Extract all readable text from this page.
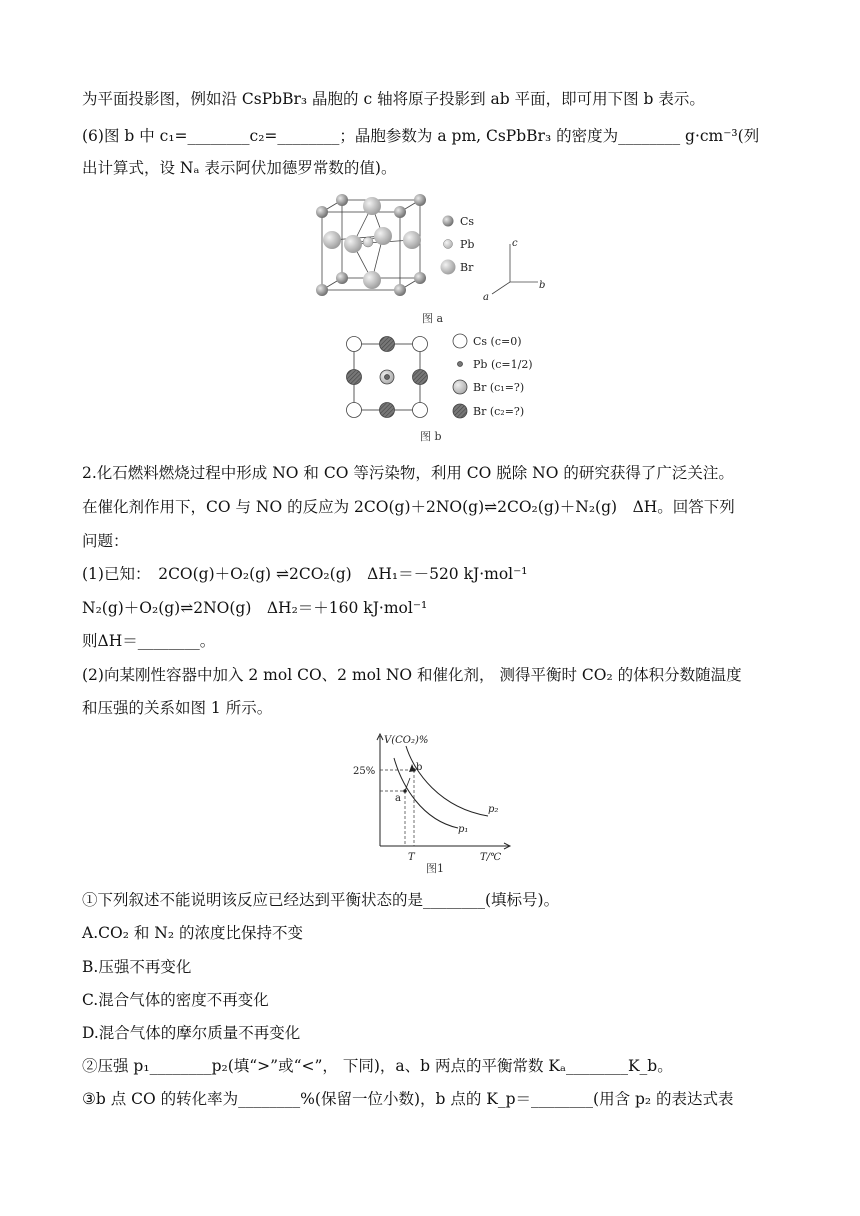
为平面投影图，例如沿 CsPbBr₃ 晶胞的 c 轴将原子投影到 ab 平面，即可用下图 b 表示。
(6)图 b 中 c₁=________c₂=________；晶胞参数为 a pm, CsPbBr₃ 的密度为________ g·cm⁻³(列
出计算式，设 Nₐ 表示阿伏加德罗常数的值)。
Cs
Pb
Br
c
b
a
图 a
Cs (c=0)
Pb (c=1/2)
Br (c₁=?)
Br (c₂=?)
图 b
2.化石燃料燃烧过程中形成 NO 和 CO 等污染物，利用 CO 脱除 NO 的研究获得了广泛关注。
在催化剂作用下，CO 与 NO 的反应为 2CO(g)＋2NO(g)⇌2CO₂(g)＋N₂(g)　ΔH。回答下列
问题：
(1)已知：　2CO(g)＋O₂(g) ⇌2CO₂(g)　ΔH₁＝－520 kJ·mol⁻¹
N₂(g)＋O₂(g)⇌2NO(g)　ΔH₂＝＋160 kJ·mol⁻¹
则ΔH＝________。
(2)向某刚性容器中加入 2 mol CO、2 mol NO 和催化剂， 测得平衡时 CO₂ 的体积分数随温度
和压强的关系如图 1 所示。
V(CO₂)%
T/℃
25%
T
b
a
p₂
p₁
图1
①下列叙述不能说明该反应已经达到平衡状态的是________(填标号)。
A.CO₂ 和 N₂ 的浓度比保持不变
B.压强不再变化
C.混合气体的密度不再变化
D.混合气体的摩尔质量不再变化
②压强 p₁________p₂(填“>”或“<”， 下同)，a、b 两点的平衡常数 Kₐ________K_b。
③b 点 CO 的转化率为________%(保留一位小数)，b 点的 K_p＝________(用含 p₂ 的表达式表
